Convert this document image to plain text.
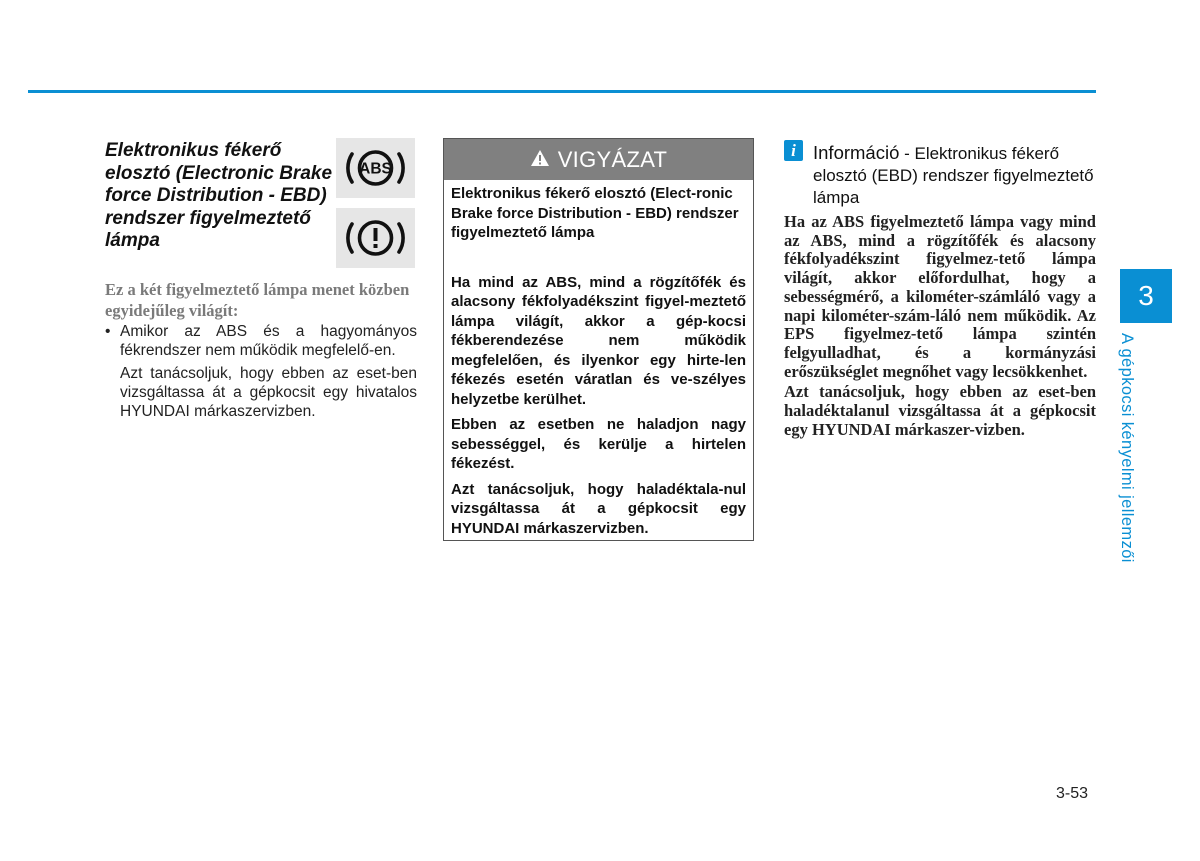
Elektronikus fékerő elosztó (Electronic Brake force Distribution - EBD) rendszer figyelmeztető lámpa
ABS
Ez a két figyelmeztető lámpa menet közben egyidejűleg világít:
• Amikor az ABS és a hagyományos fékrendszer nem működik megfelelő-en.
Azt tanácsoljuk, hogy ebben az eset-ben vizsgáltassa át a gépkocsit egy hivatalos HYUNDAI márkaszervizben.
VIGYÁZAT

Elektronikus fékerő elosztó (Elect-ronic Brake force Distribution - EBD) rendszer figyelmeztető lámpa

Ha mind az ABS, mind a rögzítőfék és alacsony fékfolyadékszint figyel-meztető lámpa világít, akkor a gép-kocsi fékberendezése nem működik megfelelően, és ilyenkor egy hirte-len fékezés esetén váratlan és ve-szélyes helyzetbe kerülhet.

Ebben az esetben ne haladjon nagy sebességgel, és kerülje a hirtelen fékezést.

Azt tanácsoljuk, hogy haladéktala-nul vizsgáltassa át a gépkocsit egy HYUNDAI márkaszervizben.

i Információ - Elektronikus fékerő elosztó (EBD) rendszer figyelmeztető lámpa

Ha az ABS figyelmeztető lámpa vagy mind az ABS, mind a rögzítőfék és alacsony fékfolyadékszint figyelmez-tető lámpa világít, akkor előfordulhat, hogy a sebességmérő, a kilométer-számláló vagy a napi kilométer-szám-láló nem működik. Az EPS figyelmez-tető lámpa szintén felgyulladhat, és a kormányzási erőszükséglet megnőhet vagy lecsökkenhet.

Azt tanácsoljuk, hogy ebben az eset-ben haladéktalanul vizsgáltassa át a gépkocsit egy HYUNDAI márkaszer-vizben.

3
A gépkocsi kényelmi jellemzői
3-53
